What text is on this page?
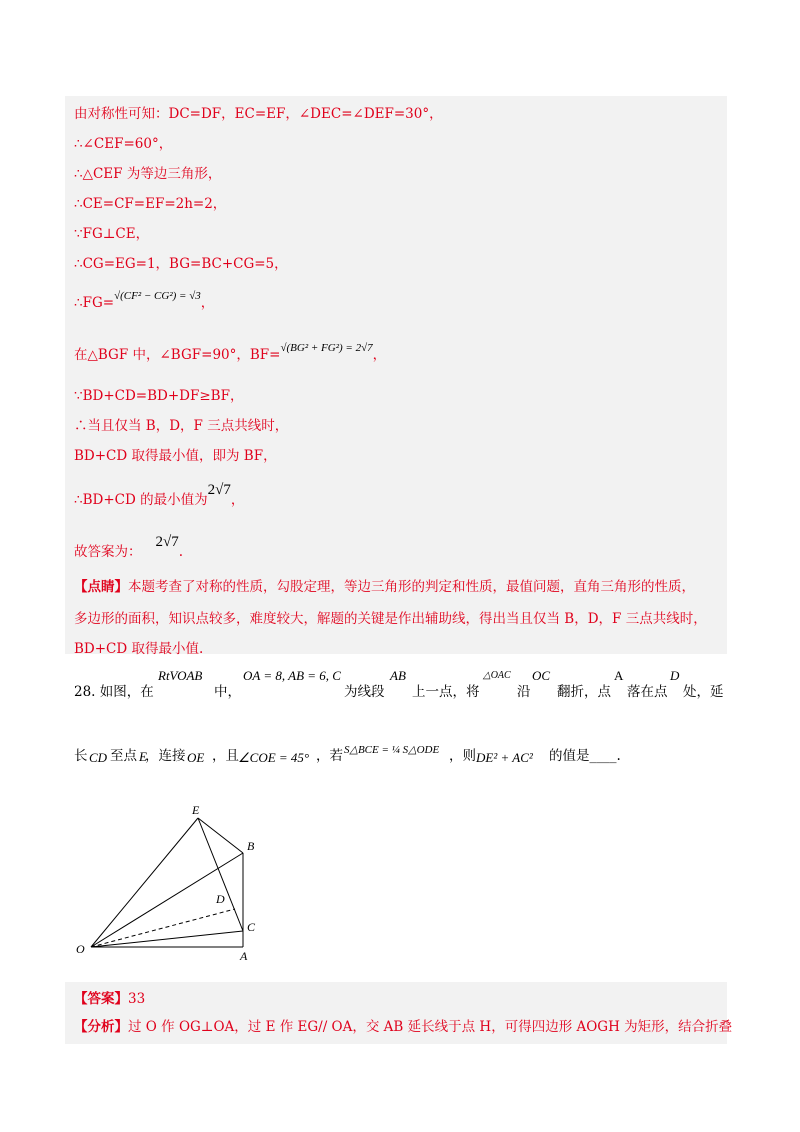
由对称性可知：DC=DF，EC=EF，∠DEC=∠DEF=30°，
∴∠CEF=60°，
∴△CEF 为等边三角形，
∴CE=CF=EF=2h=2，
∵FG⊥CE，
∴CG=EG=1，BG=BC+CG=5，
∴FG=√(CF² − CG²) = √3，
在△BGF 中，∠BGF=90°，BF=√(BG² + FG²) = 2√7，
∵BD+CD=BD+DF≥BF，
∴当且仅当 B，D，F 三点共线时，
BD+CD 取得最小值，即为 BF，
∴BD+CD 的最小值为2√7，
故答案为：2√7.
【点睛】本题考查了对称的性质，勾股定理，等边三角形的判定和性质，最值问题，直角三角形的性质，
多边形的面积，知识点较多，难度较大，解题的关键是作出辅助线，得出当且仅当 B，D，F 三点共线时，
BD+CD 取得最小值.
28. 如图，在
RtVOAB
中，
OA = 8, AB = 6, C
为线段
AB
上一点，将
△OAC
沿
OC
翻折，点
A
落在点
D
处，延
长 CD 至点 E
，连接 OE ，且 ∠COE = 45° ，若 S△BCE = ¼ S△ODE ，则 DE² + AC² 的值是____.
E
B
D
C
O	A
【答案】33
【分析】过 O 作 OG⊥OA，过 E 作 EG// OA，交 AB 延长线于点 H，可得四边形 AOGH 为矩形，结合折叠
